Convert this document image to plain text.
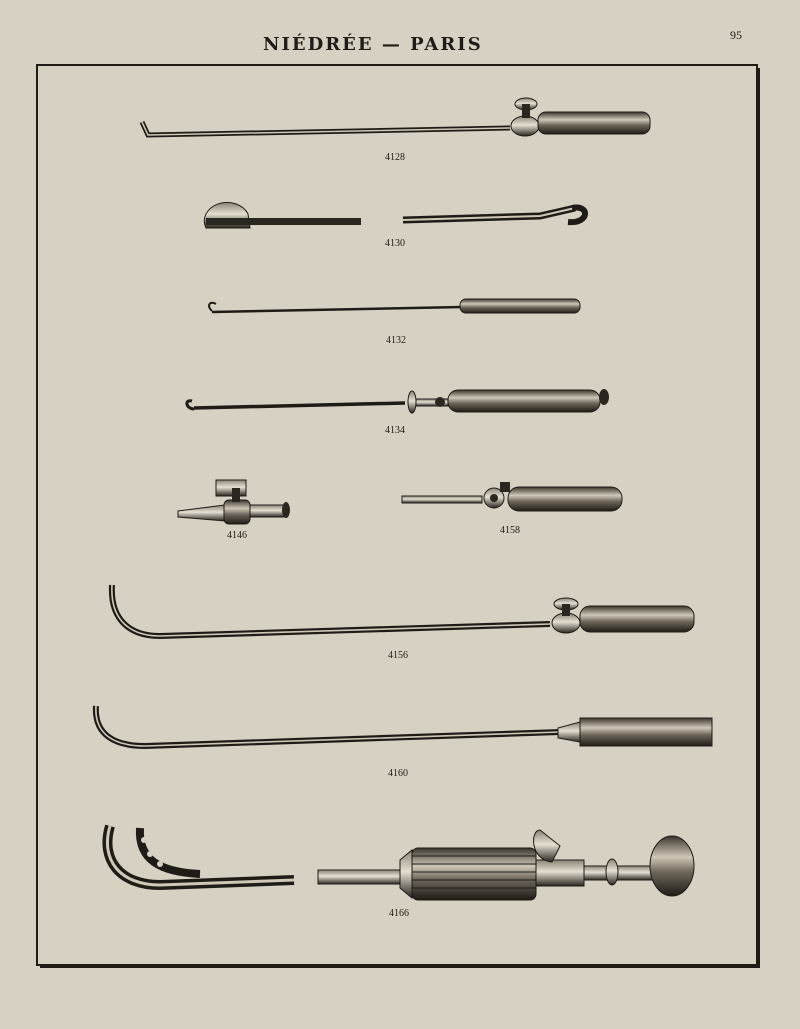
NIÉDRÉE — PARIS	95
4128
4130
4132
4134
4146	4158
4156
4160
4166
